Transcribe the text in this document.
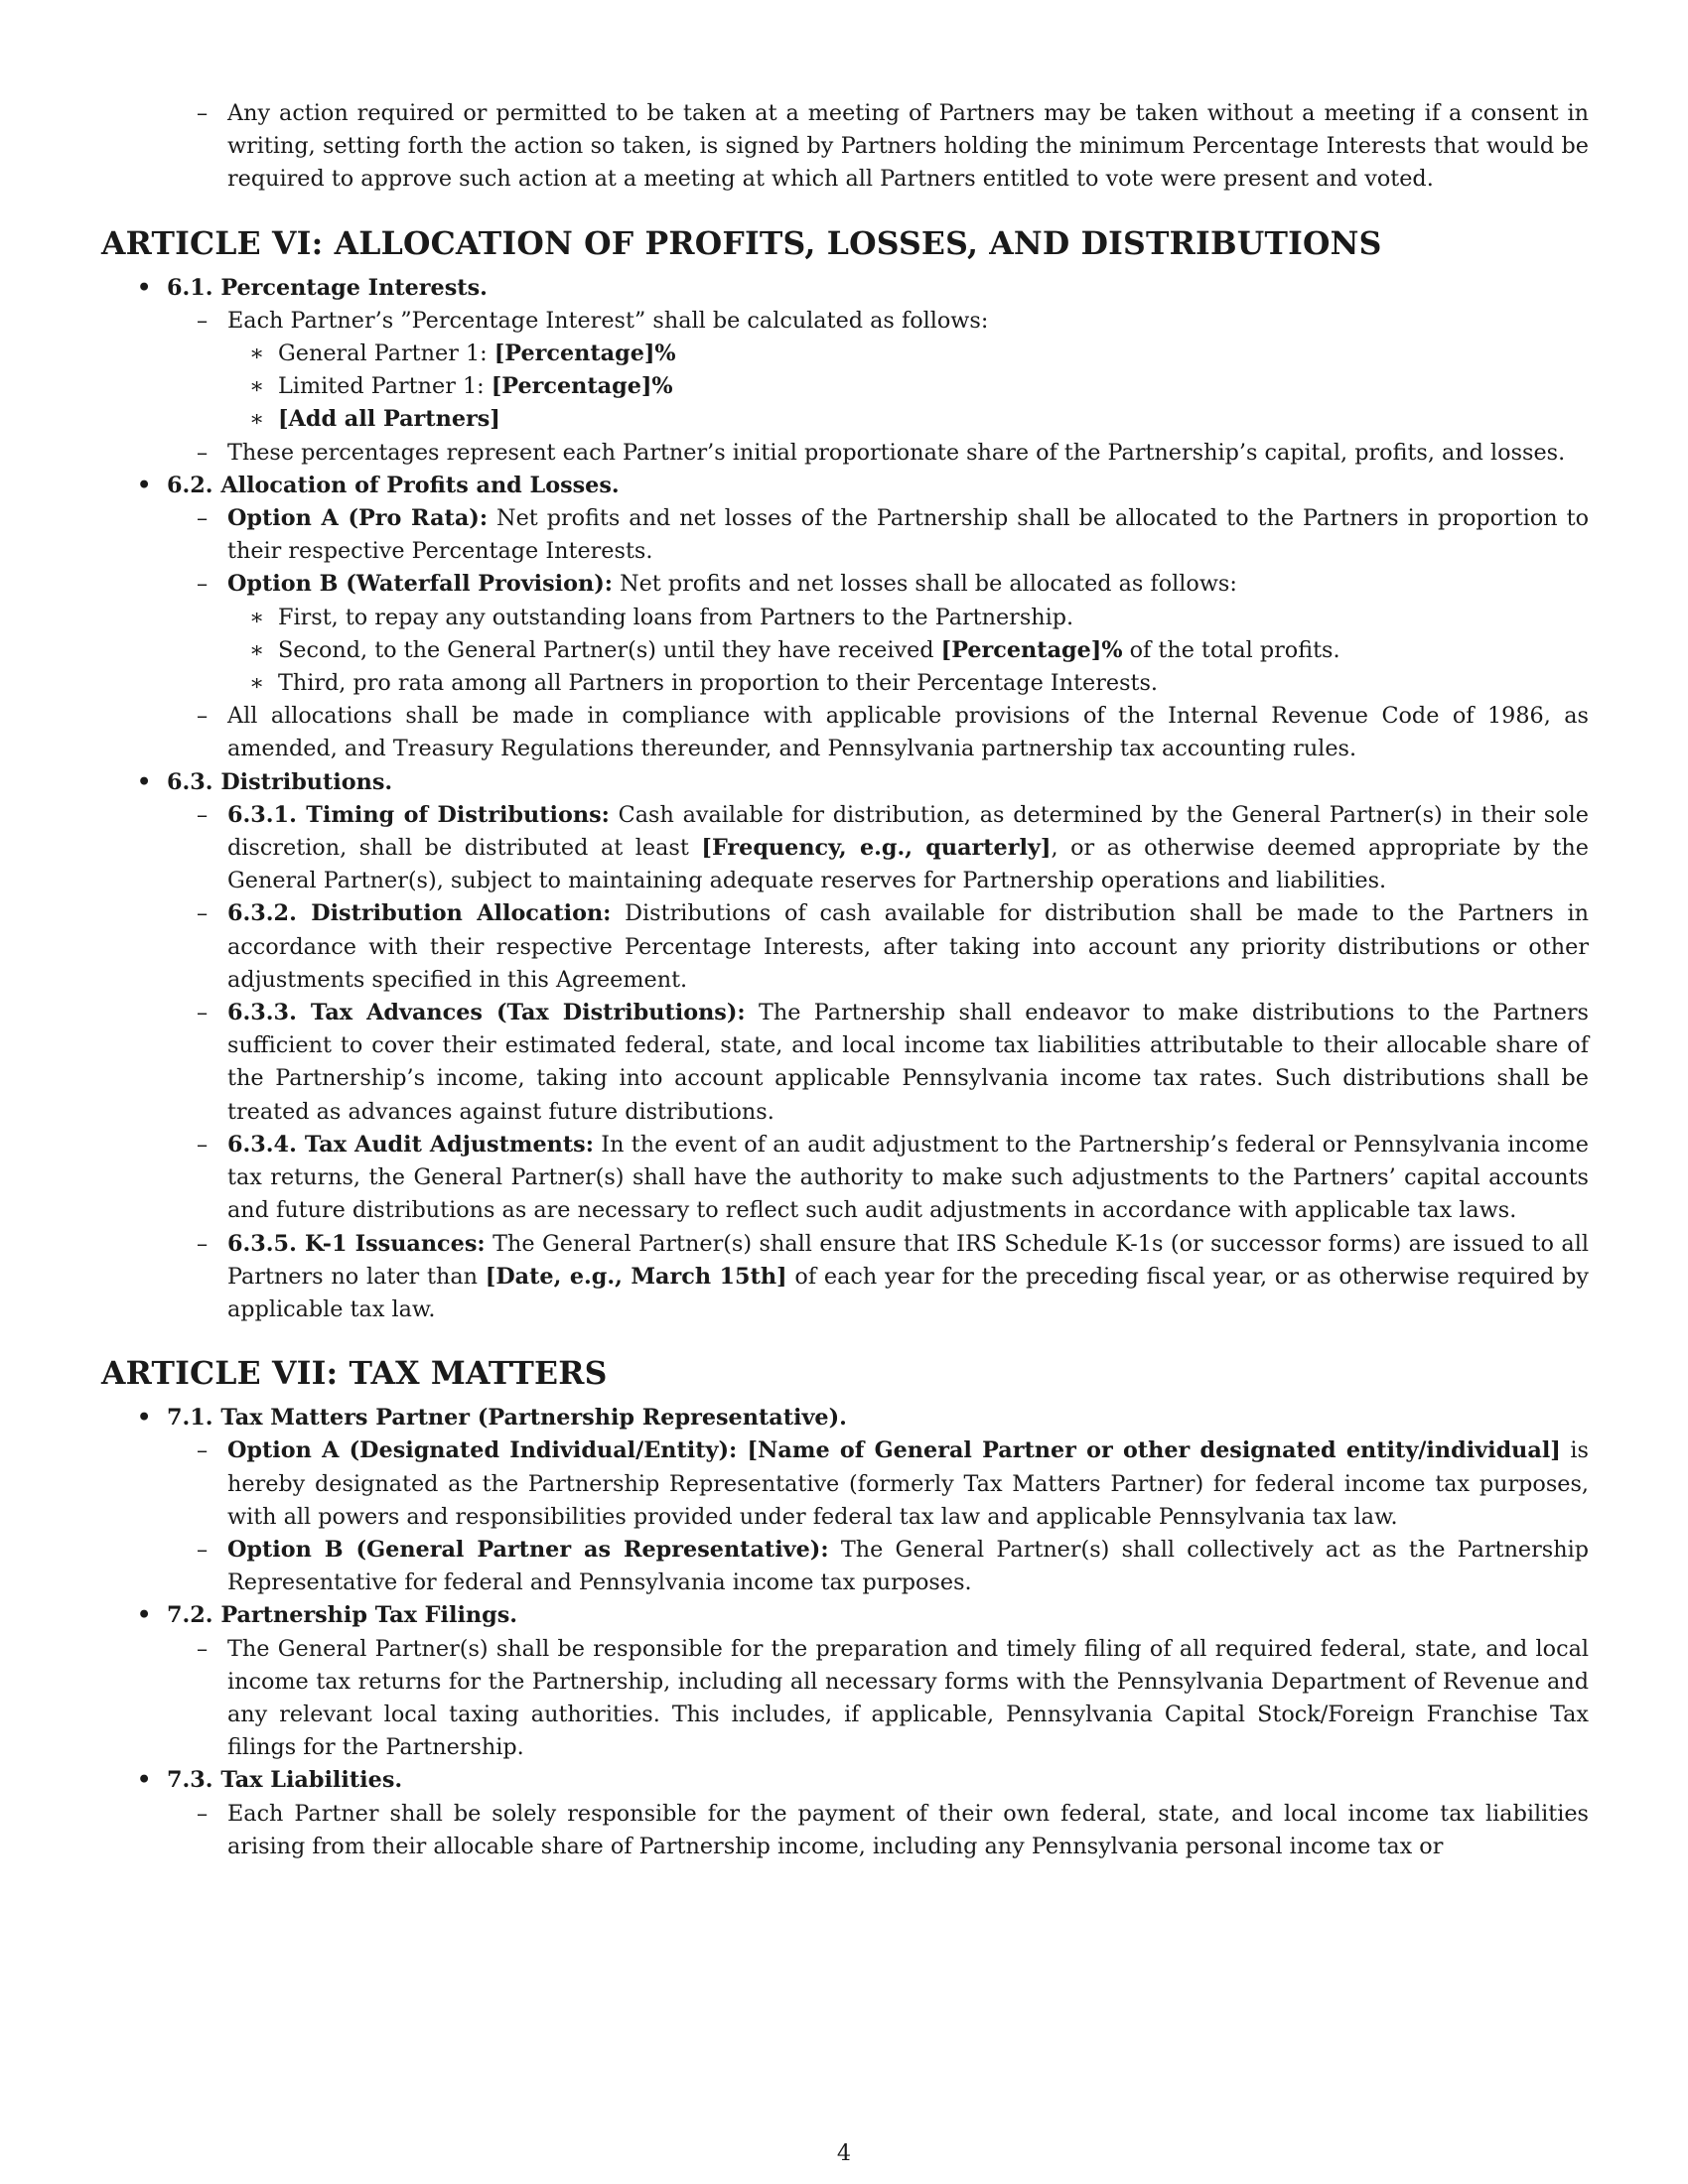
– Any action required or permitted to be taken at a meeting of Partners may be taken without a meeting if a consent in writing, setting forth the action so taken, is signed by Partners holding the minimum Percentage Interests that would be required to approve such action at a meeting at which all Partners entitled to vote were present and voted.

ARTICLE VI: ALLOCATION OF PROFITS, LOSSES, AND DISTRIBUTIONS

• 6.1. Percentage Interests.

– Each Partner’s ”Percentage Interest” shall be calculated as follows:

∗ General Partner 1: [Percentage]%

∗ Limited Partner 1: [Percentage]%

∗ [Add all Partners]

– These percentages represent each Partner’s initial proportionate share of the Partnership’s capital, profits, and losses.

• 6.2. Allocation of Profits and Losses.

– Option A (Pro Rata): Net profits and net losses of the Partnership shall be allocated to the Partners in proportion to their respective Percentage Interests.

– Option B (Waterfall Provision): Net profits and net losses shall be allocated as follows:

∗ First, to repay any outstanding loans from Partners to the Partnership.

∗ Second, to the General Partner(s) until they have received [Percentage]% of the total profits.

∗ Third, pro rata among all Partners in proportion to their Percentage Interests.

– All allocations shall be made in compliance with applicable provisions of the Internal Revenue Code of 1986, as amended, and Treasury Regulations thereunder, and Pennsylvania partnership tax accounting rules.

• 6.3. Distributions.

– 6.3.1. Timing of Distributions: Cash available for distribution, as determined by the General Partner(s) in their sole discretion, shall be distributed at least [Frequency, e.g., quarterly], or as otherwise deemed appropriate by the General Partner(s), subject to maintaining adequate reserves for Partnership operations and liabilities.

– 6.3.2. Distribution Allocation: Distributions of cash available for distribution shall be made to the Partners in accordance with their respective Percentage Interests, after taking into account any priority distributions or other adjustments specified in this Agreement.

– 6.3.3. Tax Advances (Tax Distributions): The Partnership shall endeavor to make distributions to the Partners sufficient to cover their estimated federal, state, and local income tax liabilities attributable to their allocable share of the Partnership’s income, taking into account applicable Pennsylvania income tax rates. Such distributions shall be treated as advances against future distributions.

– 6.3.4. Tax Audit Adjustments: In the event of an audit adjustment to the Partnership’s federal or Pennsylvania income tax returns, the General Partner(s) shall have the authority to make such adjustments to the Partners’ capital accounts and future distributions as are necessary to reflect such audit adjustments in accordance with applicable tax laws.

– 6.3.5. K-1 Issuances: The General Partner(s) shall ensure that IRS Schedule K-1s (or successor forms) are issued to all Partners no later than [Date, e.g., March 15th] of each year for the preceding fiscal year, or as otherwise required by applicable tax law.

ARTICLE VII: TAX MATTERS

• 7.1. Tax Matters Partner (Partnership Representative).

– Option A (Designated Individual/Entity): [Name of General Partner or other designated entity/individual] is hereby designated as the Partnership Representative (formerly Tax Matters Partner) for federal income tax purposes, with all powers and responsibilities provided under federal tax law and applicable Pennsylvania tax law.

– Option B (General Partner as Representative): The General Partner(s) shall collectively act as the Partnership Representative for federal and Pennsylvania income tax purposes.

• 7.2. Partnership Tax Filings.

– The General Partner(s) shall be responsible for the preparation and timely filing of all required federal, state, and local income tax returns for the Partnership, including all necessary forms with the Pennsylvania Department of Revenue and any relevant local taxing authorities. This includes, if applicable, Pennsylvania Capital Stock/Foreign Franchise Tax filings for the Partnership.

• 7.3. Tax Liabilities.

– Each Partner shall be solely responsible for the payment of their own federal, state, and local income tax liabilities arising from their allocable share of Partnership income, including any Pennsylvania personal income tax or

4
